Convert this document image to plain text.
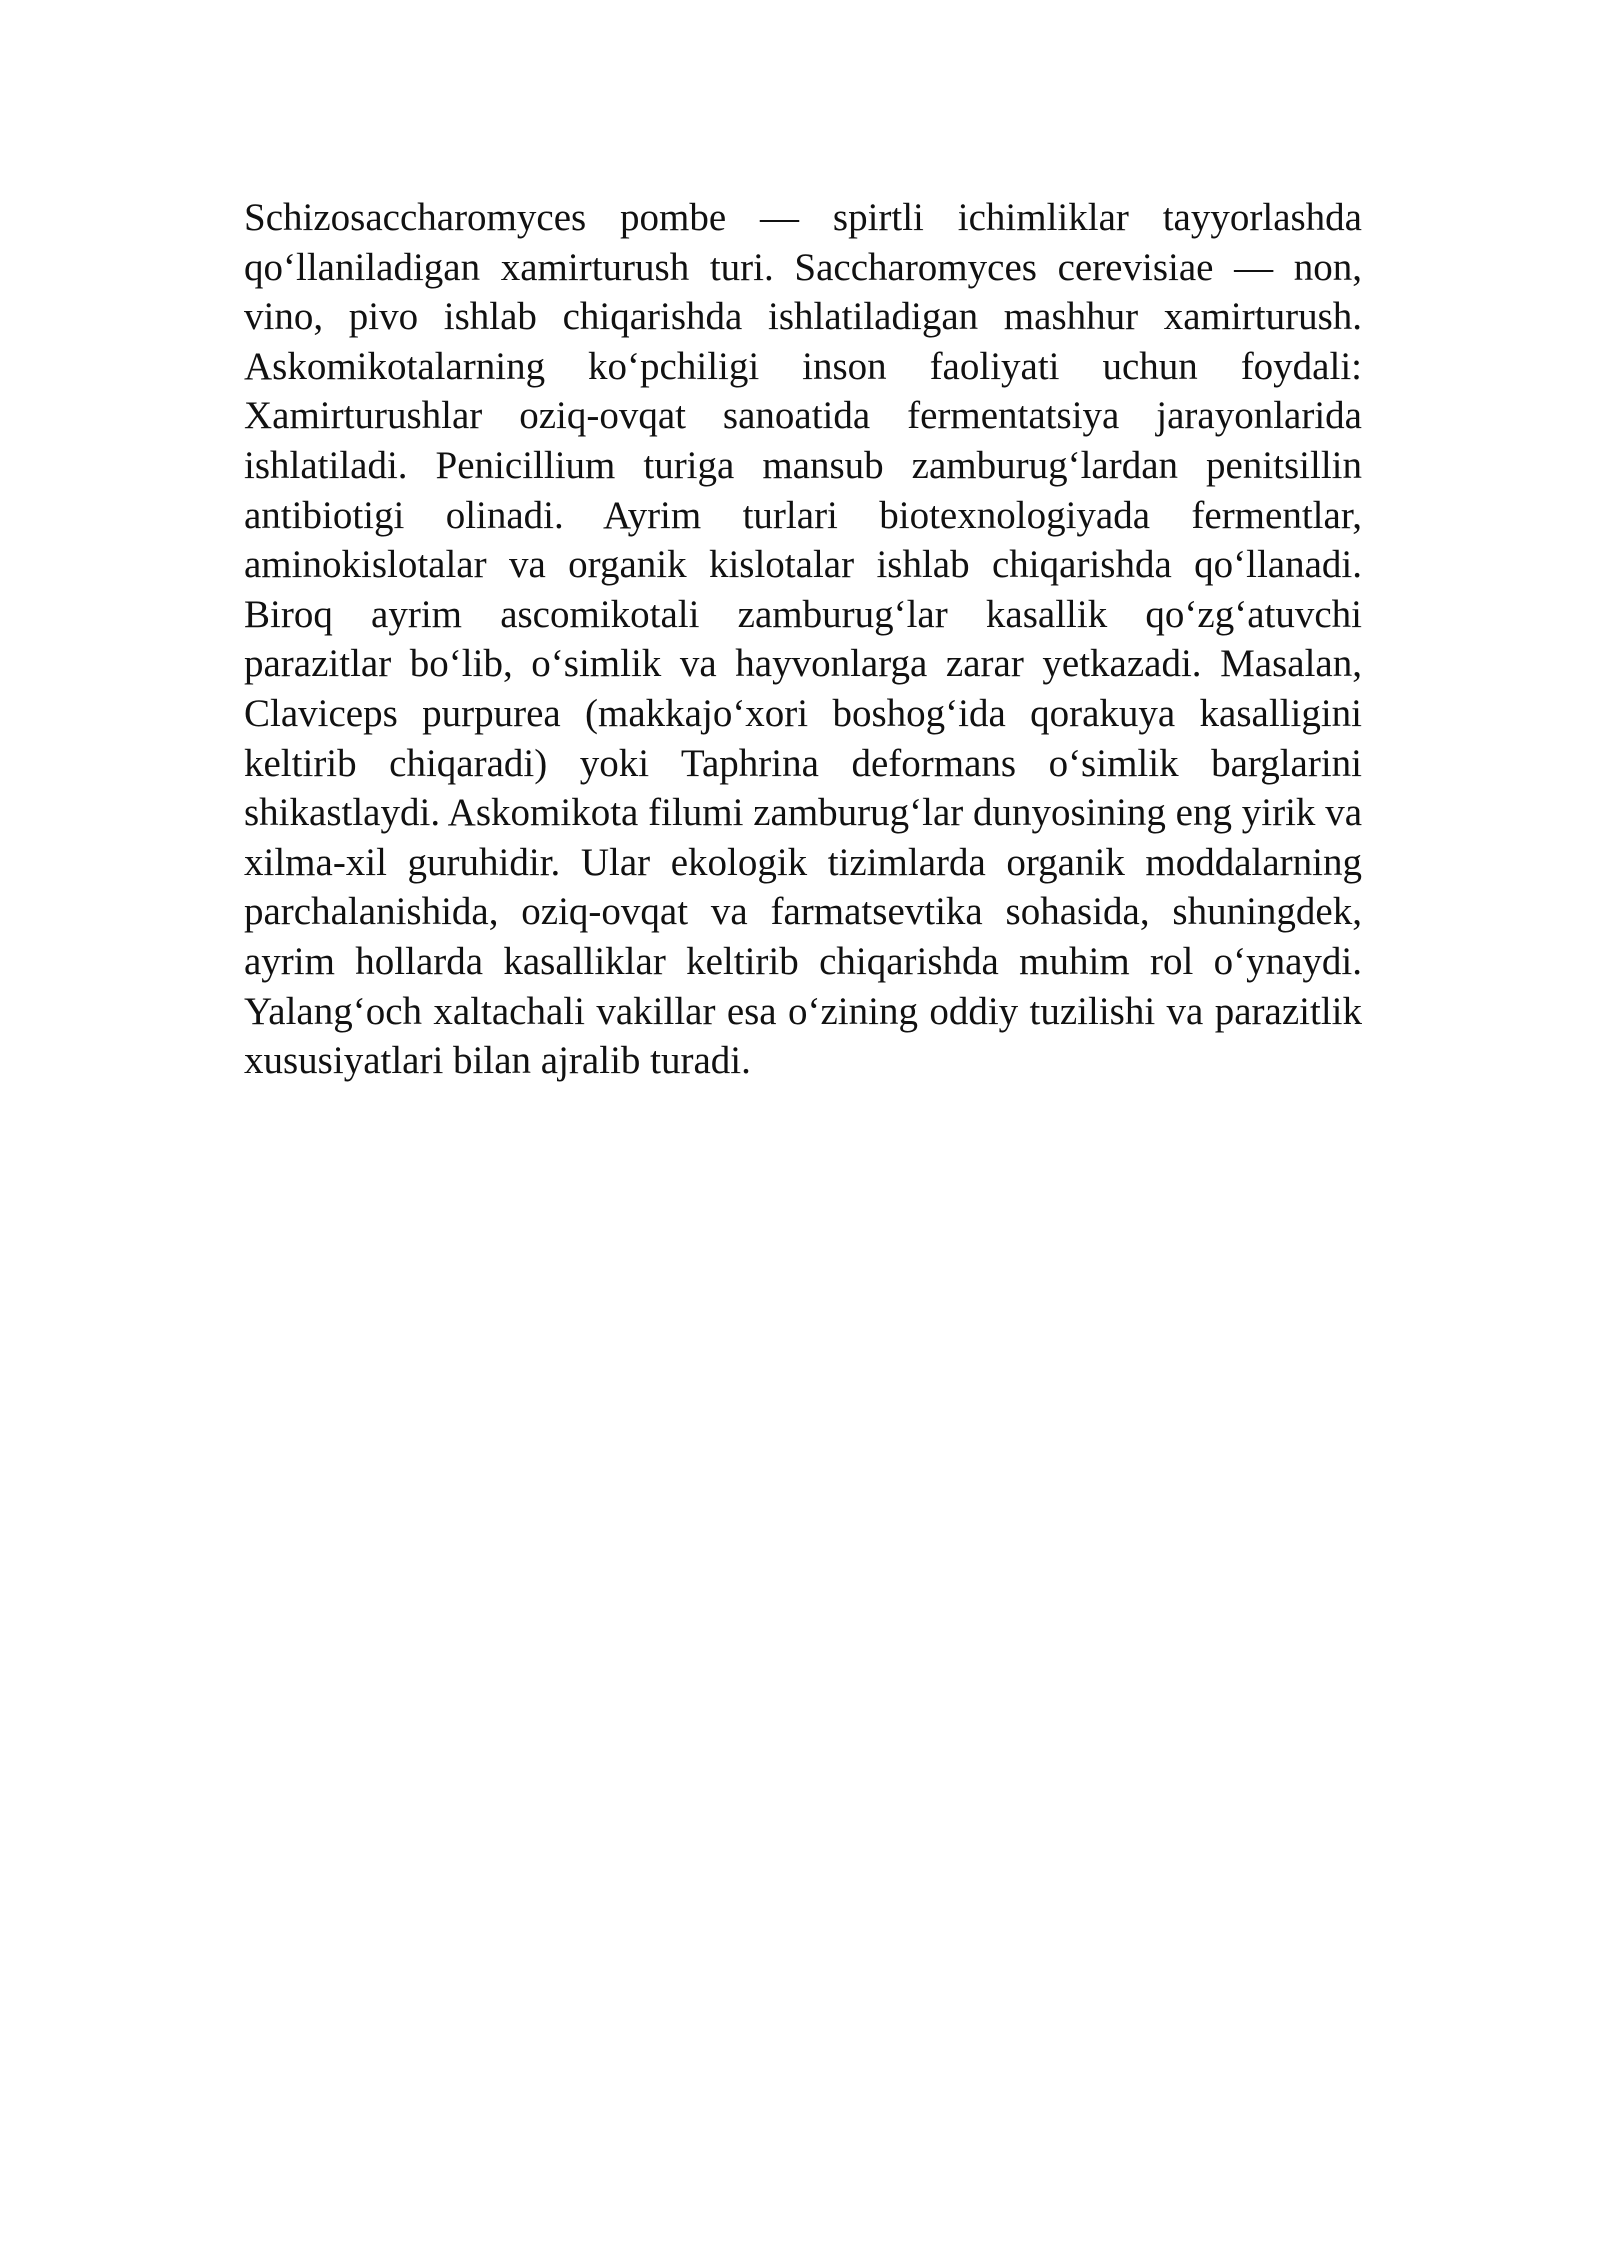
Schizosaccharomyces pombe — spirtli ichimliklar tayyorlashda qo‘llaniladigan xamirturush turi. Saccharomyces cerevisiae — non, vino, pivo ishlab chiqarishda ishlatiladigan mashhur xamirturush. Askomikotalarning ko‘pchiligi inson faoliyati uchun foydali: Xamirturushlar oziq-ovqat sanoatida fermentatsiya jarayonlarida ishlatiladi. Penicillium turiga mansub zamburug‘lardan penitsillin antibiotigi olinadi. Ayrim turlari biotexnologiyada fermentlar, aminokislotalar va organik kislotalar ishlab chiqarishda qo‘llanadi. Biroq ayrim ascomikotali zamburug‘lar kasallik qo‘zg‘atuvchi parazitlar bo‘lib, o‘simlik va hayvonlarga zarar yetkazadi. Masalan, Claviceps purpurea (makkajo‘xori boshog‘ida qorakuya kasalligini keltirib chiqaradi) yoki Taphrina deformans o‘simlik barglarini shikastlaydi. Askomikota filumi zamburug‘lar dunyosining eng yirik va xilma-xil guruhidir. Ular ekologik tizimlarda organik moddalarning parchalanishida, oziq-ovqat va farmatsevtika sohasida, shuningdek, ayrim hollarda kasalliklar keltirib chiqarishda muhim rol o‘ynaydi. Yalang‘och xaltachali vakillar esa o‘zining oddiy tuzilishi va parazitlik xususiyatlari bilan ajralib turadi.
